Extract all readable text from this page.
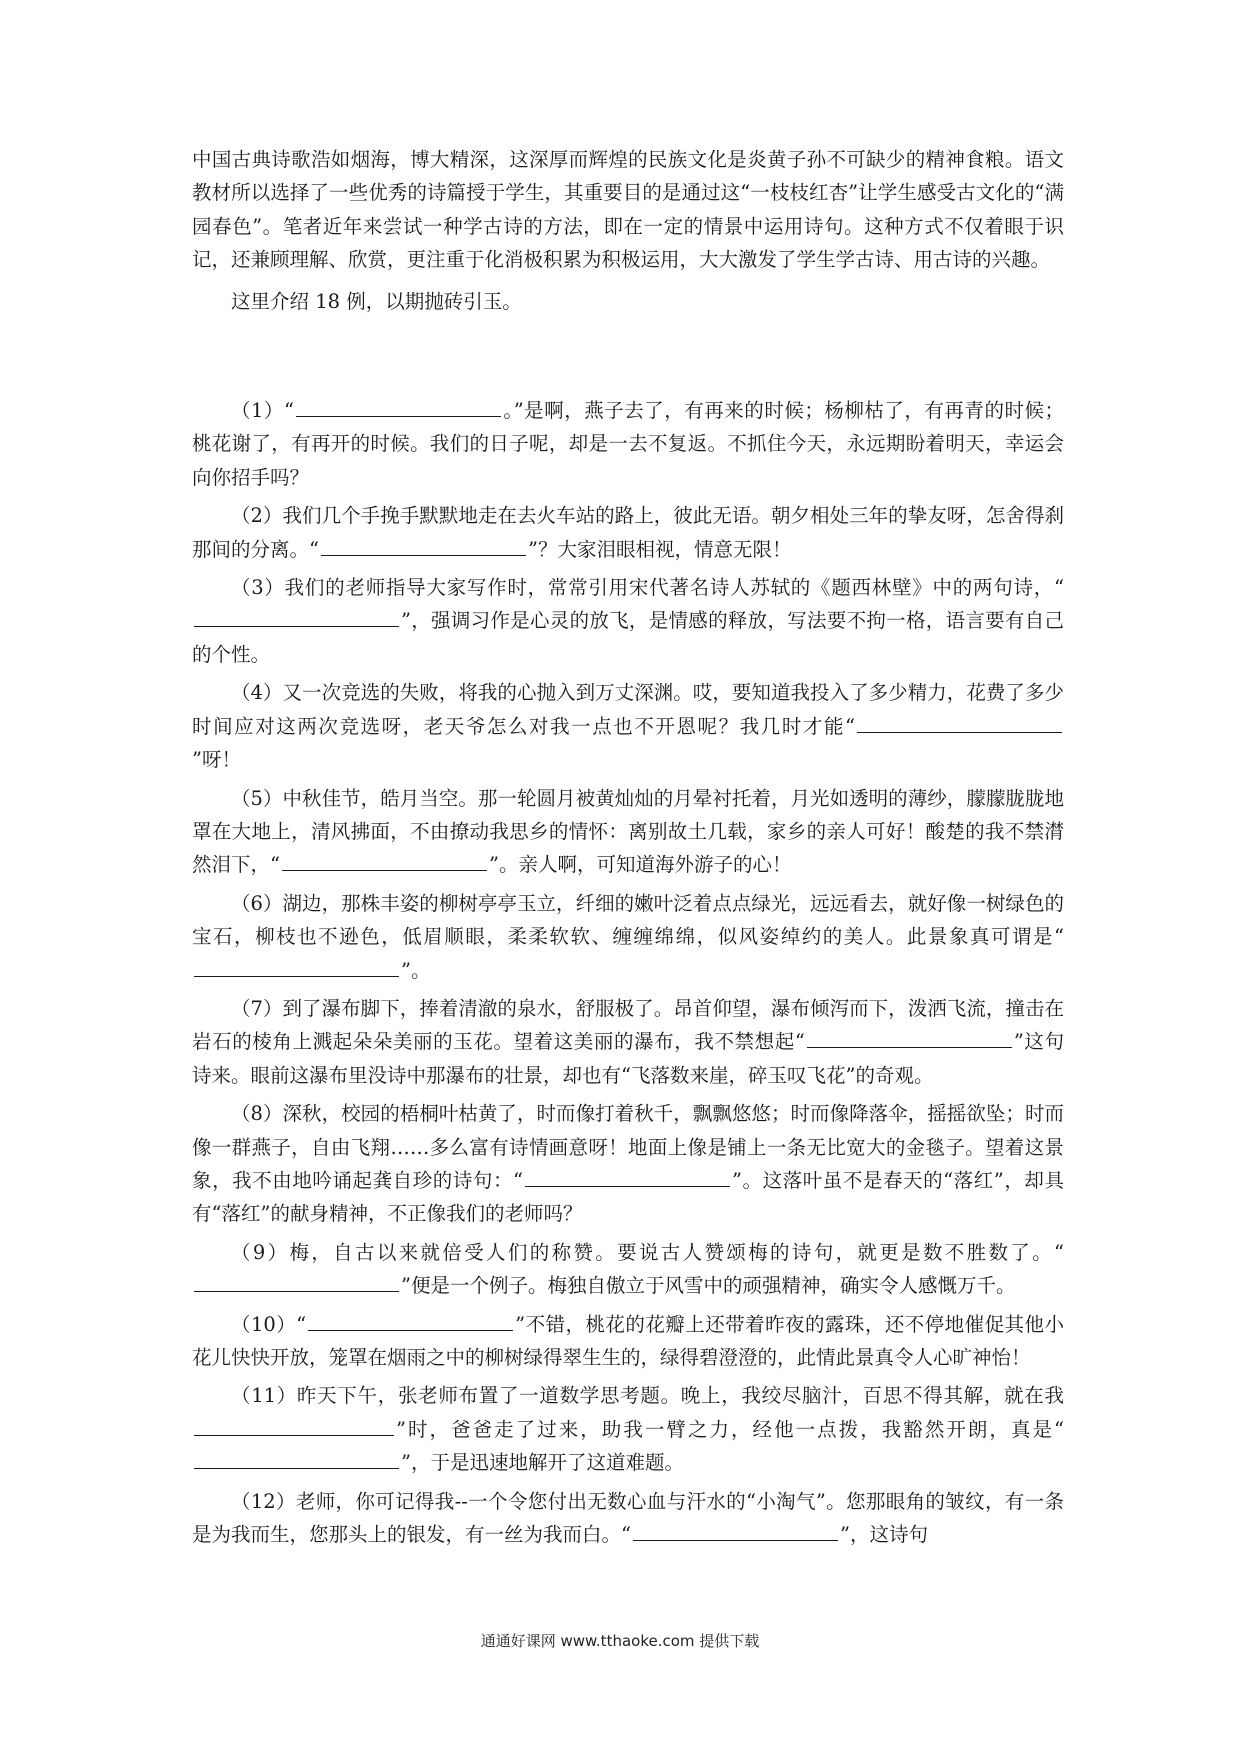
中国古典诗歌浩如烟海，博大精深，这深厚而辉煌的民族文化是炎黄子孙不可缺少的精神食粮。语文教材所以选择了一些优秀的诗篇授于学生，其重要目的是通过这“一枝枝红杏”让学生感受古文化的“满园春色”。笔者近年来尝试一种学古诗的方法，即在一定的情景中运用诗句。这种方式不仅着眼于识记，还兼顾理解、欣赏，更注重于化消极积累为积极运用，大大激发了学生学古诗、用古诗的兴趣。

这里介绍 18 例，以期抛砖引玉。

（1）“	。”是啊，燕子去了，有再来的时候；杨柳枯了，有再青的时候；桃花谢了，有再开的时候。我们的日子呢，却是一去不复返。不抓住今天，永远期盼着明天，幸运会向你招手吗？

（2）我们几个手挽手默默地走在去火车站的路上，彼此无语。朝夕相处三年的挚友呀，怎舍得刹那间的分离。“	”？大家泪眼相视，情意无限！

（3）我们的老师指导大家写作时，常常引用宋代著名诗人苏轼的《题西林壁》中的两句诗，“”，强调习作是心灵的放飞，是情感的释放，写法要不拘一格，语言要有自己的个性。

（4）又一次竞选的失败，将我的心抛入到万丈深渊。哎，要知道我投入了多少精力，花费了多少时间应对这两次竞选呀，老天爷怎么对我一点也不开恩呢？我几时才能“”呀！

（5）中秋佳节，皓月当空。那一轮圆月被黄灿灿的月晕衬托着，月光如透明的薄纱，朦朦胧胧地罩在大地上，清风拂面，不由撩动我思乡的情怀：离别故土几载，家乡的亲人可好！酸楚的我不禁潸然泪下，“	”。亲人啊，可知道海外游子的心！

（6）湖边，那株丰姿的柳树亭亭玉立，纤细的嫩叶泛着点点绿光，远远看去，就好像一树绿色的宝石，柳枝也不逊色，低眉顺眼，柔柔软软、缠缠绵绵，似风姿绰约的美人。此景象真可谓是“”。

（7）到了瀑布脚下，捧着清澈的泉水，舒服极了。昂首仰望，瀑布倾泻而下，泼洒飞流，撞击在岩石的棱角上溅起朵朵美丽的玉花。望着这美丽的瀑布，我不禁想起“	”这句诗来。眼前这瀑布里没诗中那瀑布的壮景，却也有“飞落数来崖，碎玉叹飞花”的奇观。

（8）深秋，校园的梧桐叶枯黄了，时而像打着秋千，飘飘悠悠；时而像降落伞，摇摇欲坠；时而像一群燕子，自由飞翔……多么富有诗情画意呀！地面上像是铺上一条无比宽大的金毯子。望着这景象，我不由地吟诵起龚自珍的诗句：“	”。这落叶虽不是春天的“落红”，却具有“落红”的献身精神，不正像我们的老师吗？

（9）梅，自古以来就倍受人们的称赞。要说古人赞颂梅的诗句，就更是数不胜数了。“”便是一个例子。梅独自傲立于风雪中的顽强精神，确实令人感慨万千。

（10）“	”不错，桃花的花瓣上还带着昨夜的露珠，还不停地催促其他小花儿快快开放，笼罩在烟雨之中的柳树绿得翠生生的，绿得碧澄澄的，此情此景真令人心旷神怡！

（11）昨天下午，张老师布置了一道数学思考题。晚上，我绞尽脑汁，百思不得其解，就在我”时，爸爸走了过来，助我一臂之力，经他一点拨，我豁然开朗，真是“”，于是迅速地解开了这道难题。

（12）老师，你可记得我--一个令您付出无数心血与汗水的“小淘气”。您那眼角的皱纹，有一条是为我而生，您那头上的银发，有一丝为我而白。“	”，这诗句

通通好课网 www.tthaoke.com 提供下载
